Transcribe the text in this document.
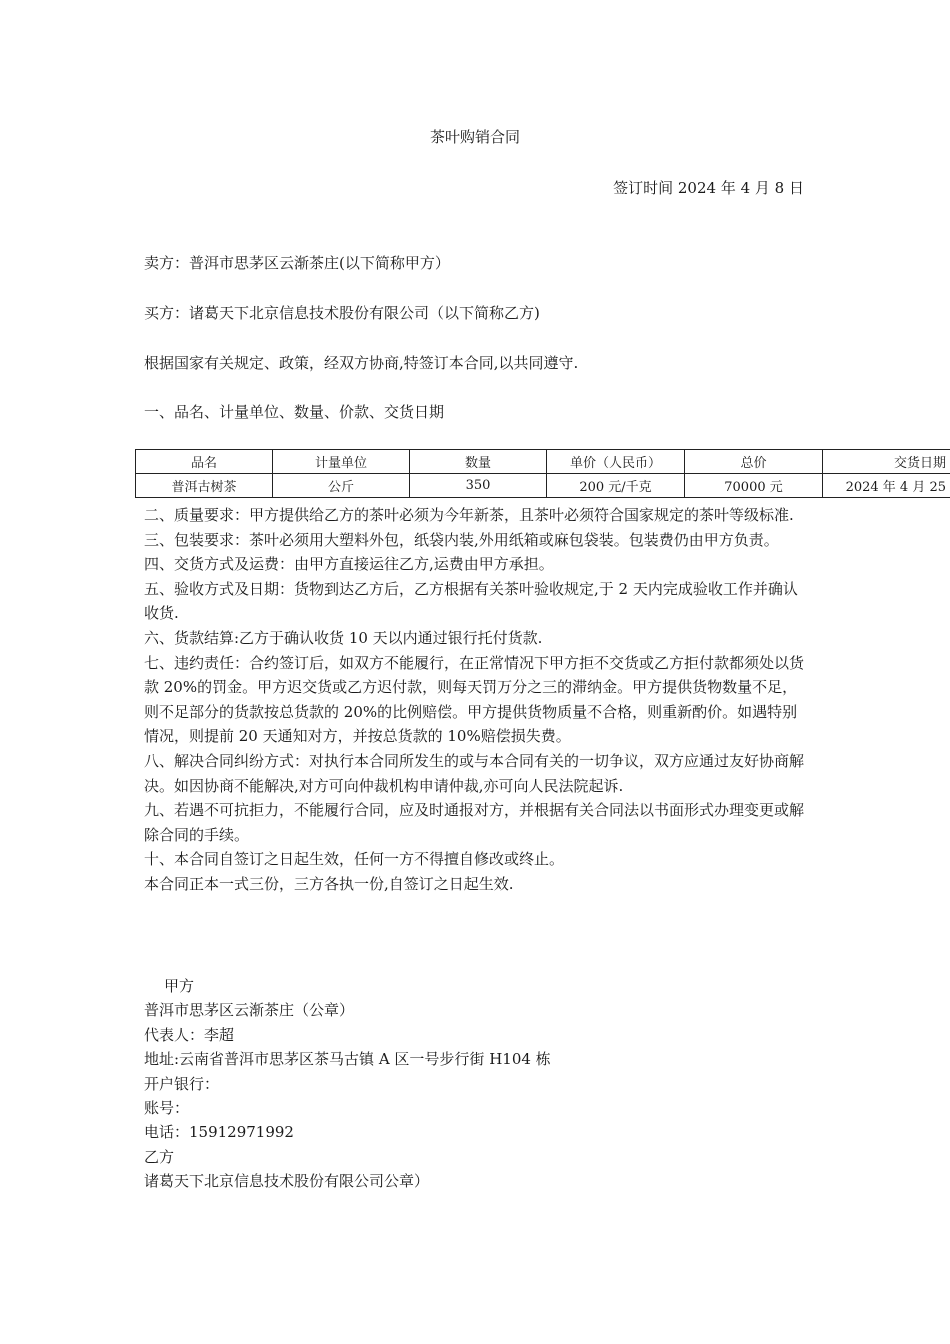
茶叶购销合同
签订时间 2024 年 4 月 8 日
卖方：普洱市思茅区云渐茶庄(以下简称甲方）
买方：诸葛天下北京信息技术股份有限公司（以下简称乙方)
根据国家有关规定、政策，经双方协商,特签订本合同,以共同遵守.
一、品名、计量单位、数量、价款、交货日期
品名	计量单位	数量	单价（人民币）	总价	交货日期
普洱古树茶	公斤	350	200 元/千克	70000 元	2024 年 4 月 25

二、质量要求：甲方提供给乙方的茶叶必须为今年新茶，且茶叶必须符合国家规定的茶叶等级标准.

三、包装要求：茶叶必须用大塑料外包，纸袋内装,外用纸箱或麻包袋装。包装费仍由甲方负责。

四、交货方式及运费：由甲方直接运往乙方,运费由甲方承担。

五、验收方式及日期：货物到达乙方后，乙方根据有关茶叶验收规定,于 2 天内完成验收工作并确认收货.

六、货款结算:乙方于确认收货 10 天以内通过银行托付货款.

七、违约责任：合约签订后，如双方不能履行，在正常情况下甲方拒不交货或乙方拒付款都须处以货款 20%的罚金。甲方迟交货或乙方迟付款，则每天罚万分之三的滞纳金。甲方提供货物数量不足，则不足部分的货款按总货款的 20%的比例赔偿。甲方提供货物质量不合格，则重新酌价。如遇特别情况，则提前 20 天通知对方，并按总货款的 10%赔偿损失费。

八、解决合同纠纷方式：对执行本合同所发生的或与本合同有关的一切争议，双方应通过友好协商解决。如因协商不能解决,对方可向仲裁机构申请仲裁,亦可向人民法院起诉.

九、若遇不可抗拒力，不能履行合同，应及时通报对方，并根据有关合同法以书面形式办理变更或解除合同的手续。

十、本合同自签订之日起生效，任何一方不得擅自修改或终止。

本合同正本一式三份，三方各执一份,自签订之日起生效.

甲方

普洱市思茅区云渐茶庄（公章）

代表人：李超

地址:云南省普洱市思茅区茶马古镇 A 区一号步行街 H104 栋

开户银行：

账号：

电话：15912971992

乙方

诸葛天下北京信息技术股份有限公司公章）
